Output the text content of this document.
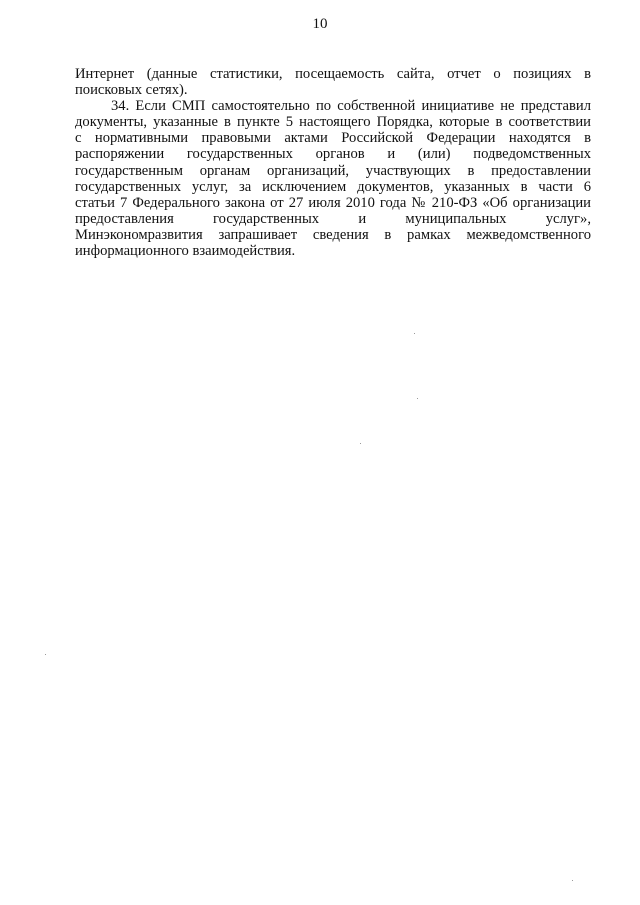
10
Интернет (данные статистики, посещаемость сайта, отчет о позициях в
поисковых сетях).
34. Если СМП самостоятельно по собственной инициативе не представил
документы, указанные в пункте 5 настоящего Порядка, которые в соответствии
с нормативными правовыми актами Российской Федерации находятся в
распоряжении государственных органов и (или) подведомственных
государственным органам организаций, участвующих в предоставлении
государственных услуг, за исключением документов, указанных в части 6
статьи 7 Федерального закона от 27 июля 2010 года № 210-ФЗ «Об организации
предоставления государственных и муниципальных услуг»,
Минэкономразвития запрашивает сведения в рамках межведомственного
информационного взаимодействия.
